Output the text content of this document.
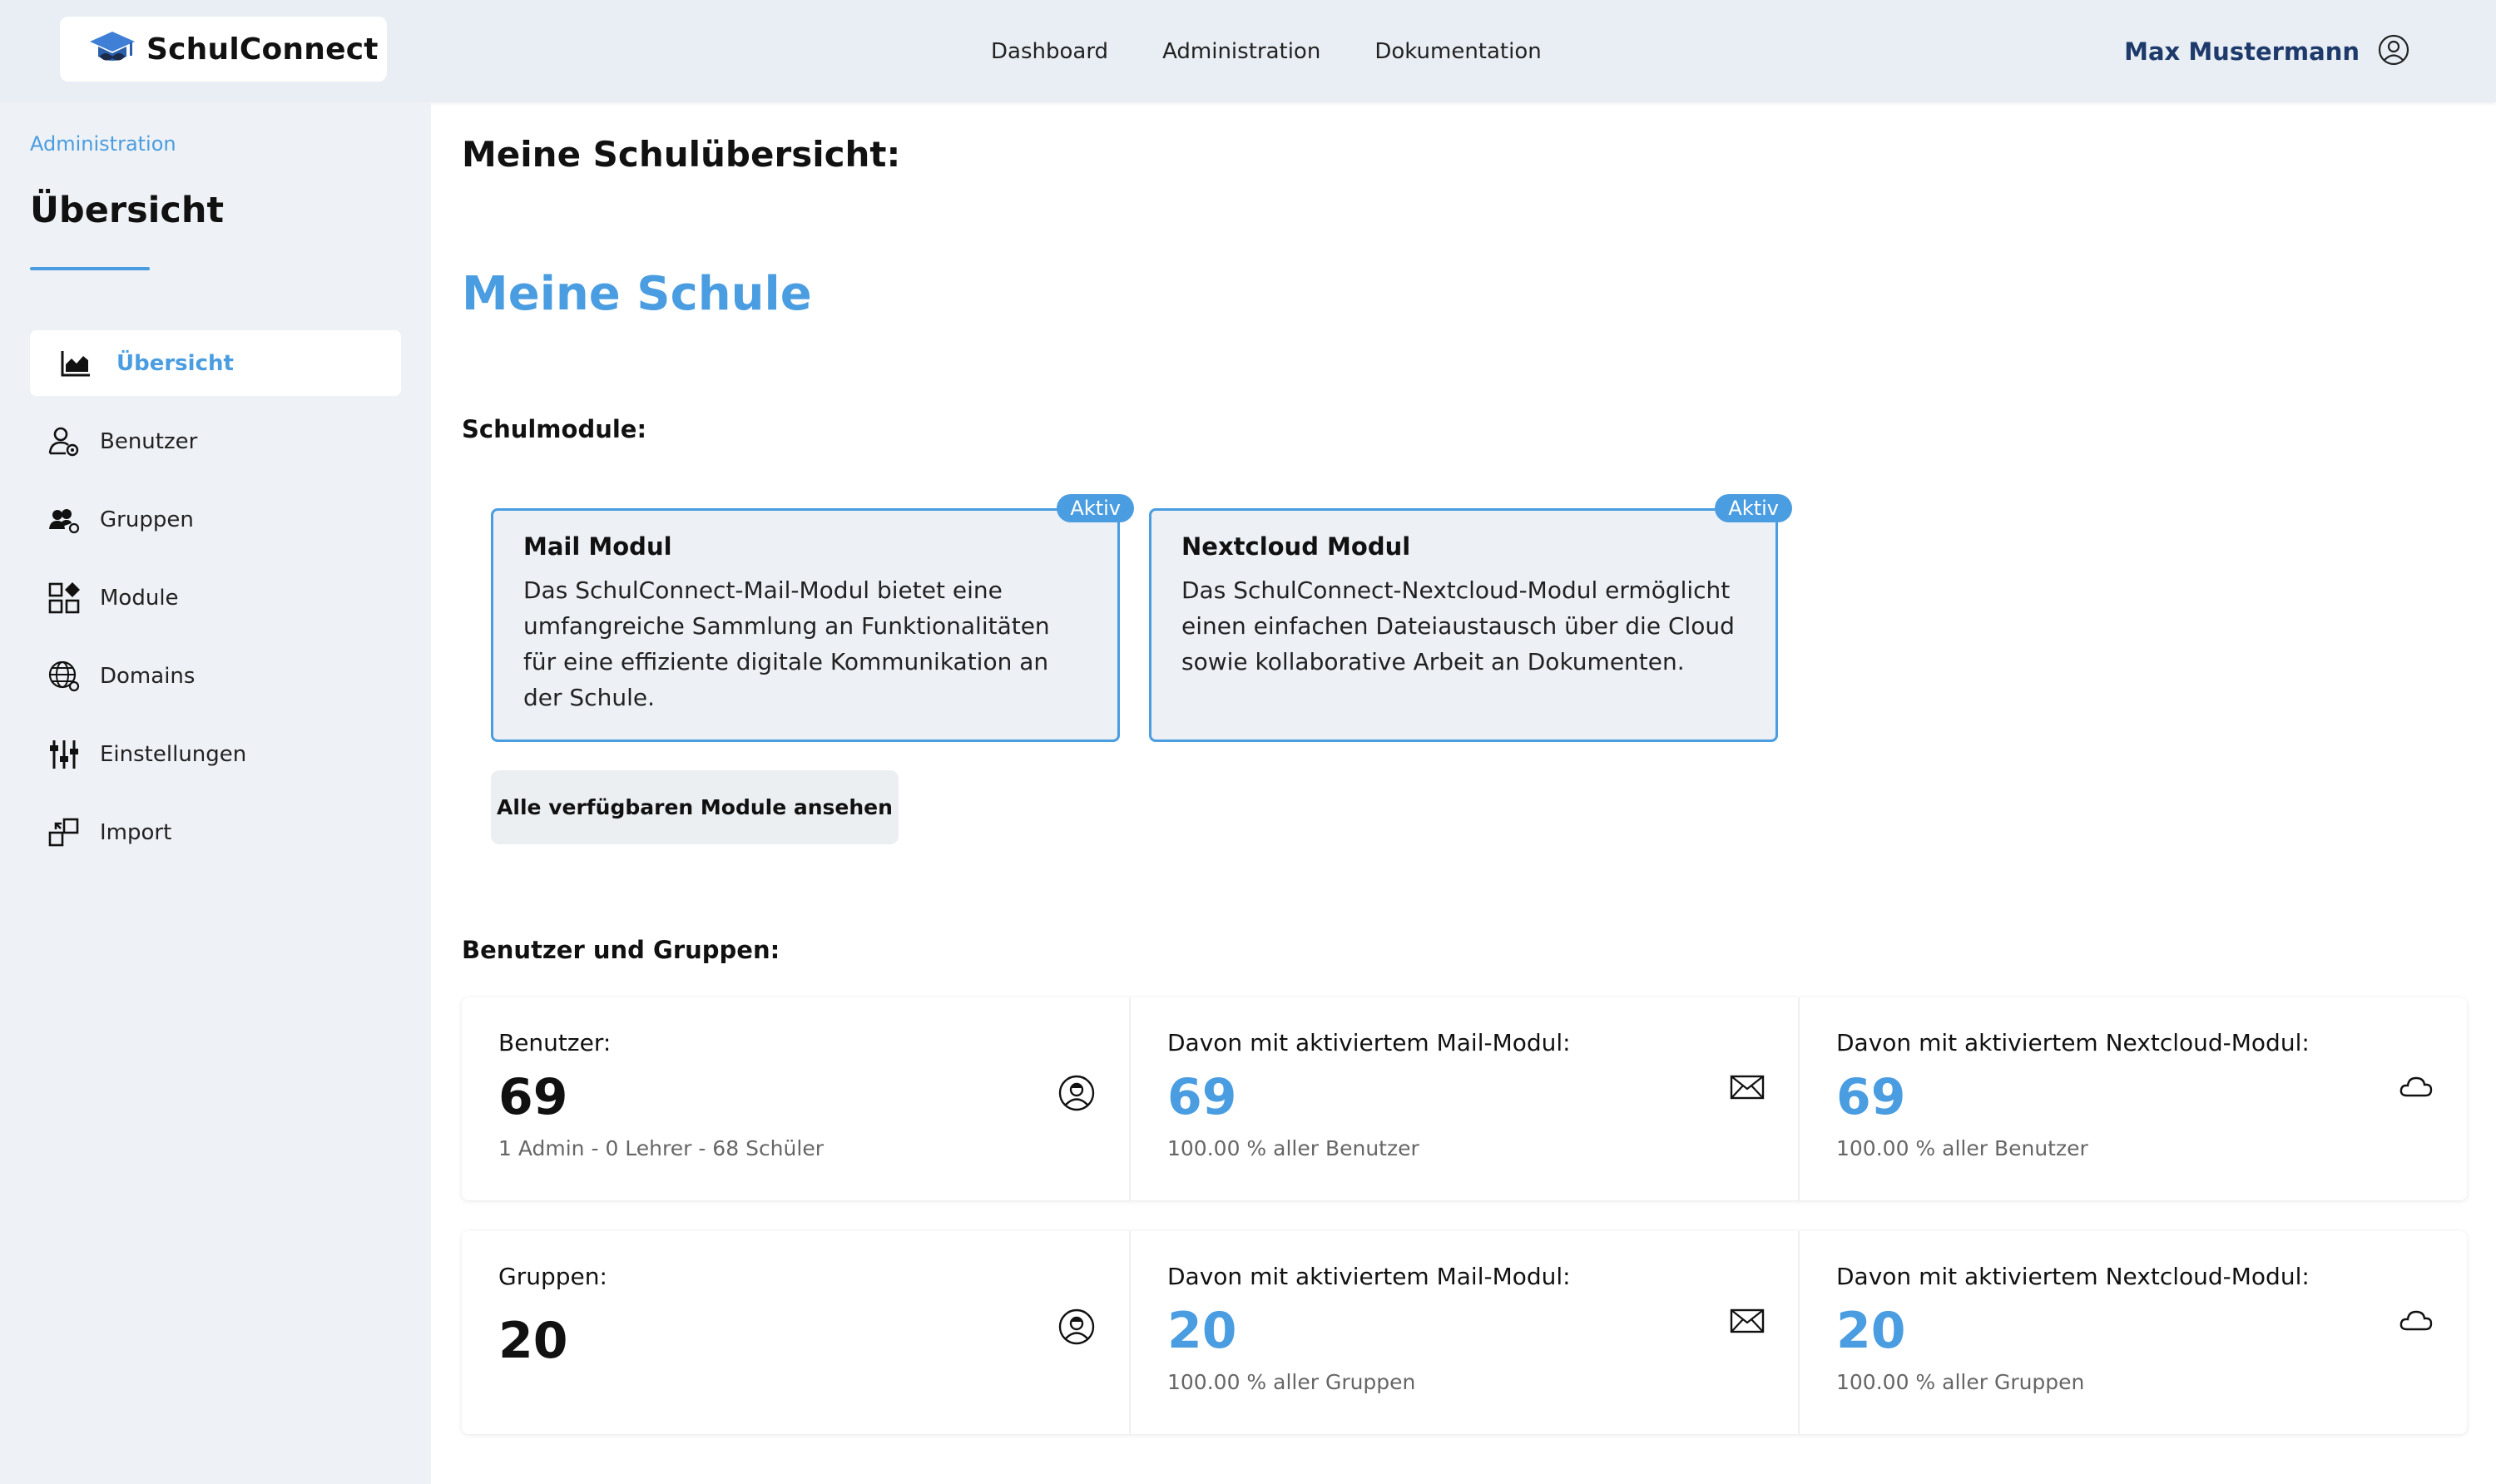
SchulConnect	Dashboard	Administration	Dokumentation	Max Mustermann
Administration
Übersicht
Übersicht
Benutzer
Gruppen
Module
Domains
Einstellungen
Import
Meine Schulübersicht:
Meine Schule
Schulmodule:
Aktiv
Mail Modul

Das SchulConnect-Mail-Modul bietet eine umfangreiche Sammlung an Funktionalitäten für eine effiziente digitale Kommunikation an der Schule.

Aktiv
Nextcloud Modul

Das SchulConnect-Nextcloud-Modul ermöglicht einen einfachen Dateiaustausch über die Cloud sowie kollaborative Arbeit an Dokumenten.

Alle verfügbaren Module ansehen
Benutzer und Gruppen:
Benutzer:
69
1 Admin - 0 Lehrer - 68 Schüler
Davon mit aktiviertem Mail-Modul:
69
100.00 % aller Benutzer
Davon mit aktiviertem Nextcloud-Modul:
69
100.00 % aller Benutzer
Gruppen:
20
Davon mit aktiviertem Mail-Modul:
20
100.00 % aller Gruppen
Davon mit aktiviertem Nextcloud-Modul:
20
100.00 % aller Gruppen
